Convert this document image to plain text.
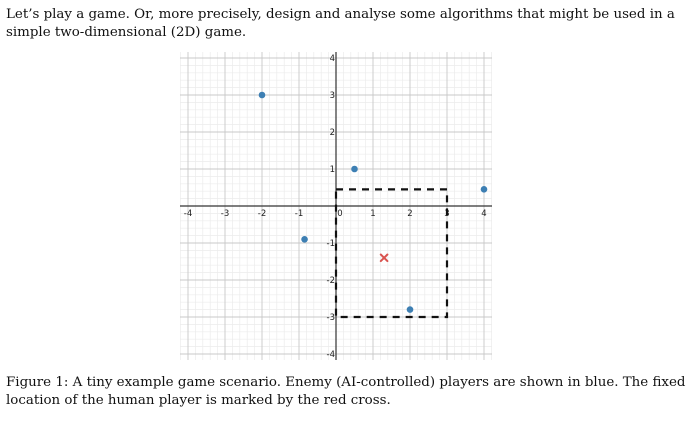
Let’s play a game. Or, more precisely, design and analyse some algorithms that might be used in a simple two-dimensional (2D) game.

-4	-3	-2	-1	0	1	2	3	4
4
3
2
1
-1
-2
-3
-4

Figure 1: A tiny example game scenario. Enemy (AI-controlled) players are shown in blue. The fixed location of the human player is marked by the red cross.
